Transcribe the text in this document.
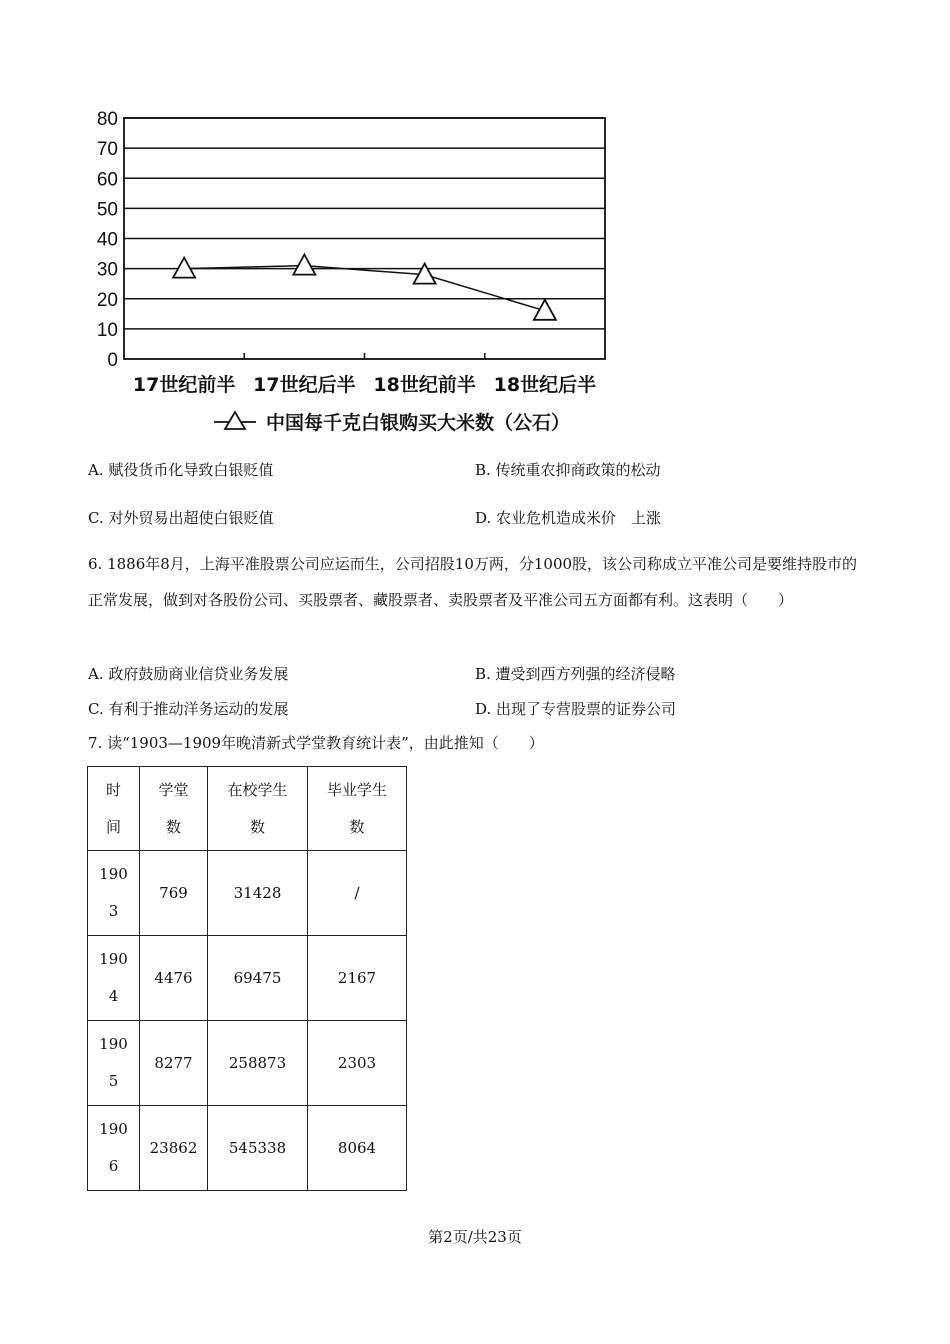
0
10
20
30
40
50
60
70
80
17世纪前半 17世纪后半 18世纪前半 18世纪后半
中国每千克白银购买大米数（公石）
A. 赋役货币化导致白银贬值	B. 传统重农抑商政策的松动
C. 对外贸易出超使白银贬值	D. 农业危机造成米价　上涨
6. 1886年8月，上海平准股票公司应运而生，公司招股10万两，分1000股，该公司称成立平准公司是要维持股市的正常发展，做到对各股份公司、买股票者、藏股票者、卖股票者及平准公司五方面都有利。这表明（　　）
A. 政府鼓励商业信贷业务发展	B. 遭受到西方列强的经济侵略
C. 有利于推动洋务运动的发展	D. 出现了专营股票的证券公司
7. 读“1903—1909年晚清新式学堂教育统计表”，由此推知（　　）
时间	学堂数	在校学生数	毕业学生数

1903	769	31428	/

1904	4476	69475	2167

1905	8277	258873	2303

1906	23862	545338	8064
第2页/共23页
